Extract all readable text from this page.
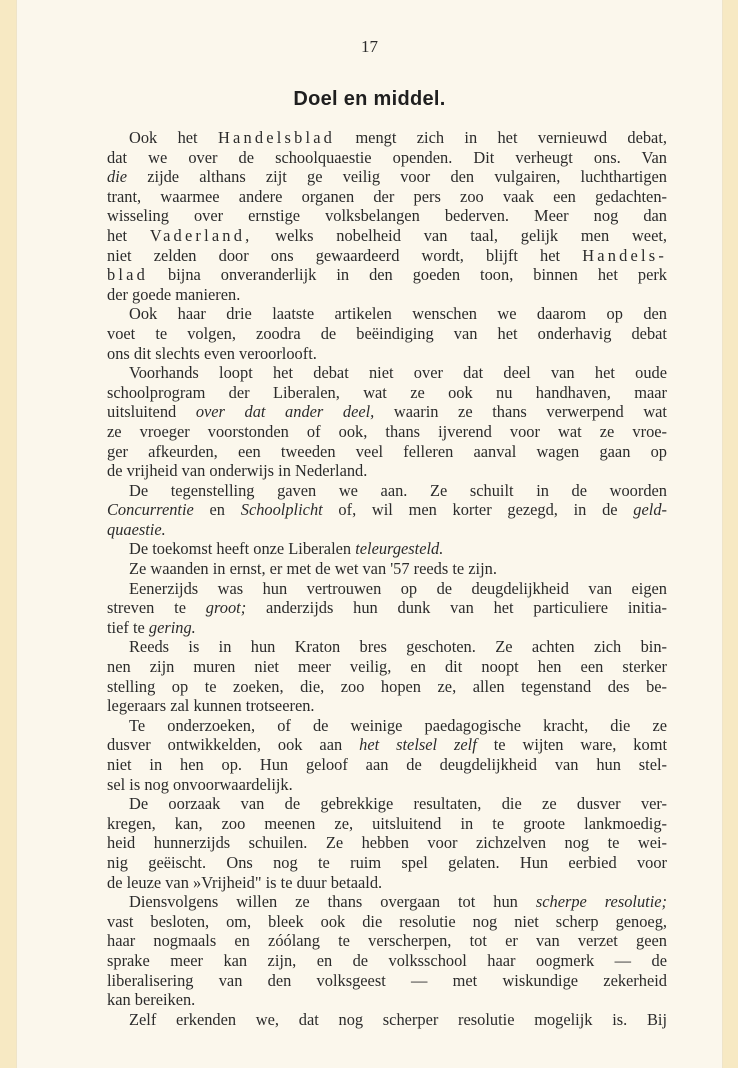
17
Doel en middel.
Ook het Handelsblad mengt zich in het vernieuwd debat,
dat we over de schoolquaestie openden. Dit verheugt ons. Van
die zijde althans zijt ge veilig voor den vulgairen, luchthartigen
trant, waarmee andere organen der pers zoo vaak een gedachten-
wisseling over ernstige volksbelangen bederven. Meer nog dan
het Vaderland, welks nobelheid van taal, gelijk men weet,
niet zelden door ons gewaardeerd wordt, blijft het Handels-
blad bijna onveranderlijk in den goeden toon, binnen het perk
der goede manieren.
Ook haar drie laatste artikelen wenschen we daarom op den
voet te volgen, zoodra de beëindiging van het onderhavig debat
ons dit slechts even veroorlooft.
Voorhands loopt het debat niet over dat deel van het oude
schoolprogram der Liberalen, wat ze ook nu handhaven, maar
uitsluitend over dat ander deel, waarin ze thans verwerpend wat
ze vroeger voorstonden of ook, thans ijverend voor wat ze vroe-
ger afkeurden, een tweeden veel felleren aanval wagen gaan op
de vrijheid van onderwijs in Nederland.
De tegenstelling gaven we aan. Ze schuilt in de woorden
Concurrentie en Schoolplicht of, wil men korter gezegd, in de geld-
quaestie.
De toekomst heeft onze Liberalen teleurgesteld.
Ze waanden in ernst, er met de wet van '57 reeds te zijn.
Eenerzijds was hun vertrouwen op de deugdelijkheid van eigen
streven te groot; anderzijds hun dunk van het particuliere initia-
tief te gering.
Reeds is in hun Kraton bres geschoten. Ze achten zich bin-
nen zijn muren niet meer veilig, en dit noopt hen een sterker
stelling op te zoeken, die, zoo hopen ze, allen tegenstand des be-
legeraars zal kunnen trotseeren.
Te onderzoeken, of de weinige paedagogische kracht, die ze
dusver ontwikkelden, ook aan het stelsel zelf te wijten ware, komt
niet in hen op. Hun geloof aan de deugdelijkheid van hun stel-
sel is nog onvoorwaardelijk.
De oorzaak van de gebrekkige resultaten, die ze dusver ver-
kregen, kan, zoo meenen ze, uitsluitend in te groote lankmoedig-
heid hunnerzijds schuilen. Ze hebben voor zichzelven nog te wei-
nig geëischt. Ons nog te ruim spel gelaten. Hun eerbied voor
de leuze van »Vrijheid" is te duur betaald.
Diensvolgens willen ze thans overgaan tot hun scherpe resolutie;
vast besloten, om, bleek ook die resolutie nog niet scherp genoeg,
haar nogmaals en zóólang te verscherpen, tot er van verzet geen
sprake meer kan zijn, en de volksschool haar oogmerk — de
liberalisering van den volksgeest — met wiskundige zekerheid
kan bereiken.
Zelf erkenden we, dat nog scherper resolutie mogelijk is. Bij
